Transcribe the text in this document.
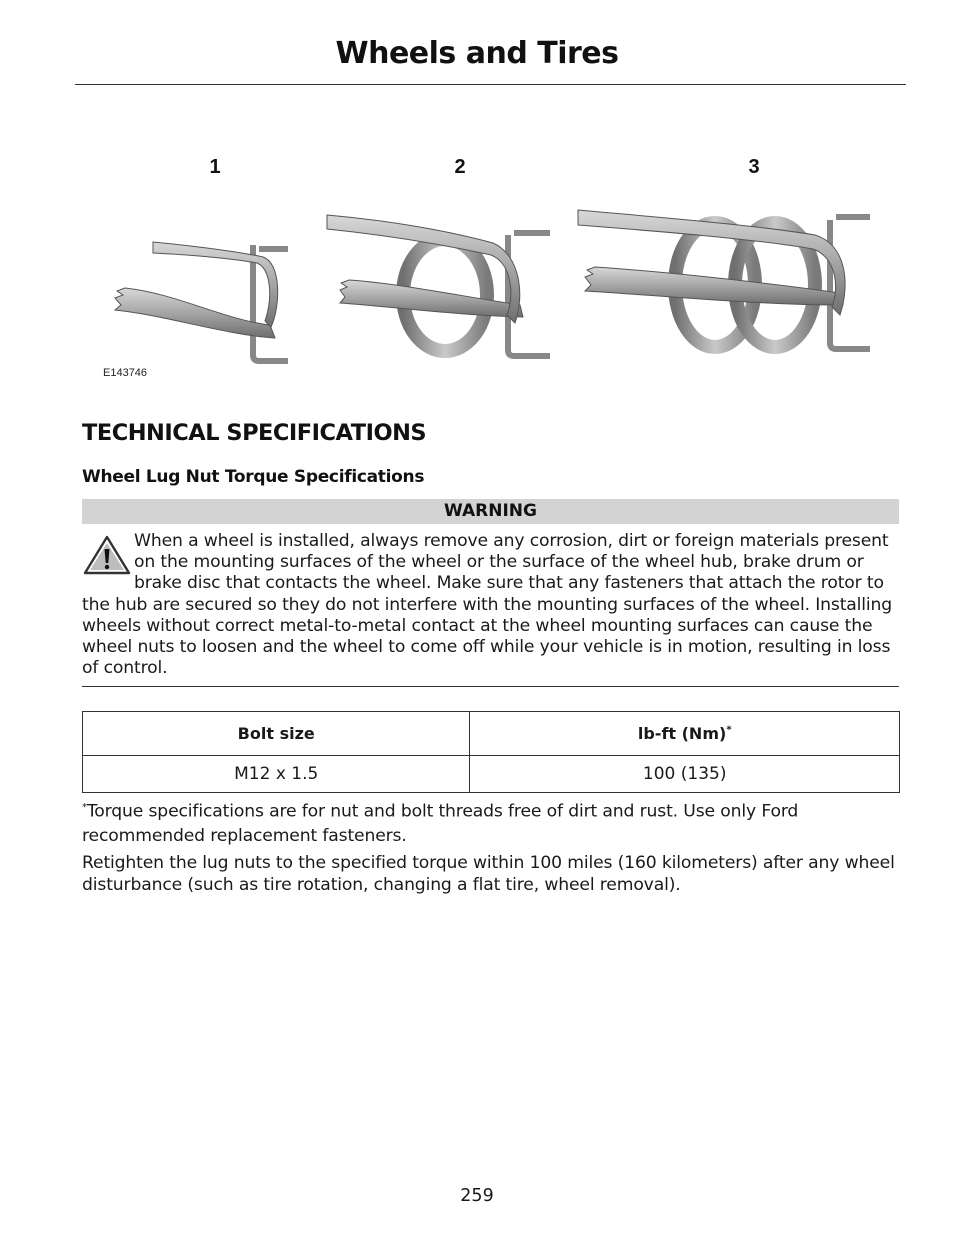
Wheels and Tires
1	2	3
E143746
TECHNICAL SPECIFICATIONS
Wheel Lug Nut Torque Specifications
WARNING
When a wheel is installed, always remove any corrosion, dirt or foreign materials present on the mounting surfaces of the wheel or the surface of the wheel hub, brake drum or brake disc that contacts the wheel. Make sure that any fasteners that attach the rotor to the hub are secured so they do not interfere with the mounting surfaces of the wheel. Installing wheels without correct metal-to-metal contact at the wheel mounting surfaces can cause the wheel nuts to loosen and the wheel to come off while your vehicle is in motion, resulting in loss of control.
Bolt size	lb-ft (Nm)*
M12 x 1.5	100 (135)
*Torque specifications are for nut and bolt threads free of dirt and rust. Use only Ford recommended replacement fasteners.
Retighten the lug nuts to the specified torque within 100 miles (160 kilometers) after any wheel disturbance (such as tire rotation, changing a flat tire, wheel removal).
259
